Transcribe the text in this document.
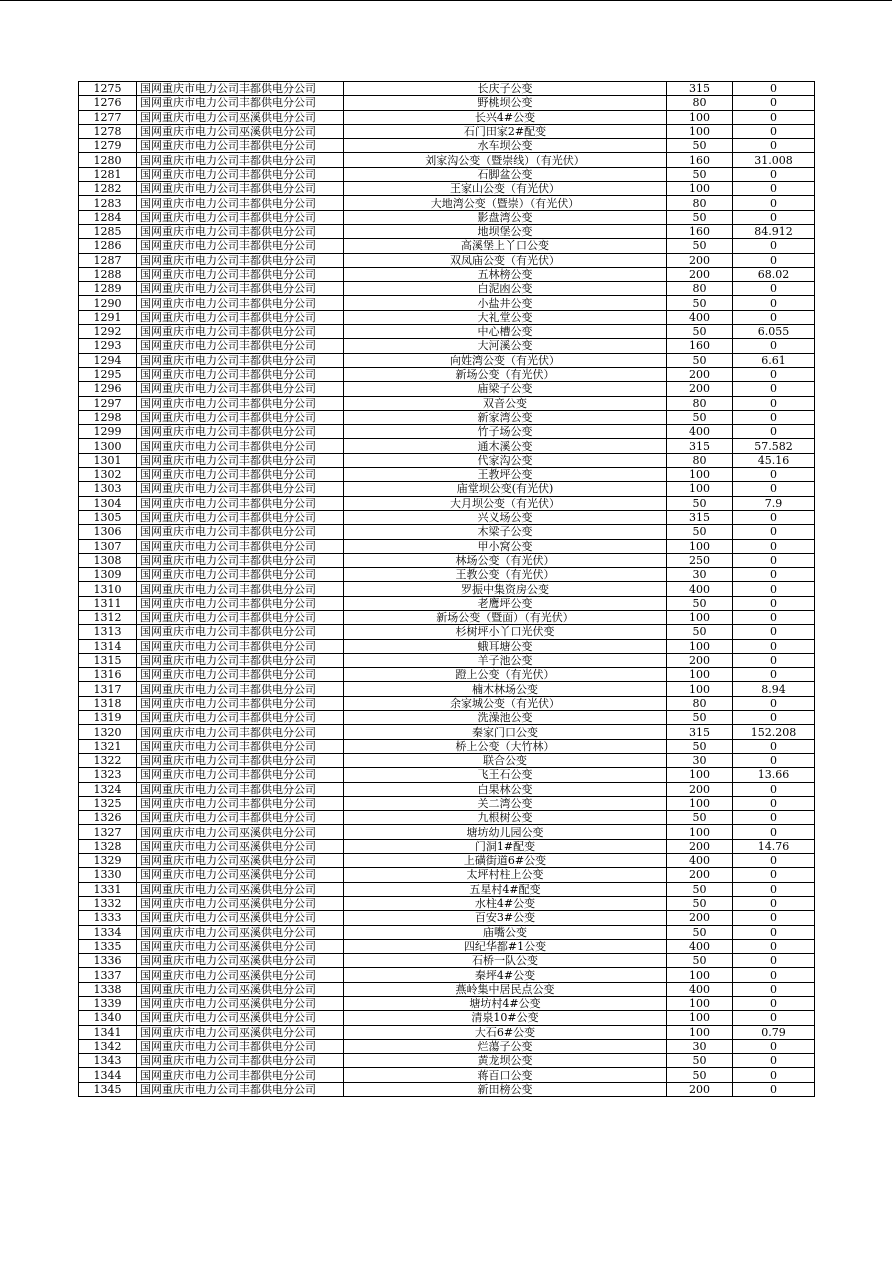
1275	国网重庆市电力公司丰都供电分公司	长庆子公变	315	0
1276	国网重庆市电力公司丰都供电分公司	野桃坝公变	80	0
1277	国网重庆市电力公司巫溪供电分公司	长兴4#公变	100	0
1278	国网重庆市电力公司巫溪供电分公司	石门田家2#配变	100	0
1279	国网重庆市电力公司丰都供电分公司	水车坝公变	50	0
1280	国网重庆市电力公司丰都供电分公司	刘家沟公变（暨崇线）（有光伏）	160	31.008
1281	国网重庆市电力公司丰都供电分公司	石脚盆公变	50	0
1282	国网重庆市电力公司丰都供电分公司	王家山公变（有光伏）	100	0
1283	国网重庆市电力公司丰都供电分公司	大地湾公变（暨崇）（有光伏）	80	0
1284	国网重庆市电力公司丰都供电分公司	影盘湾公变	50	0
1285	国网重庆市电力公司丰都供电分公司	地坝堡公变	160	84.912
1286	国网重庆市电力公司丰都供电分公司	高溪堡上丫口公变	50	0
1287	国网重庆市电力公司丰都供电分公司	双凤庙公变（有光伏）	200	0
1288	国网重庆市电力公司丰都供电分公司	五林榜公变	200	68.02
1289	国网重庆市电力公司丰都供电分公司	白泥凼公变	80	0
1290	国网重庆市电力公司丰都供电分公司	小盐井公变	50	0
1291	国网重庆市电力公司丰都供电分公司	大礼堂公变	400	0
1292	国网重庆市电力公司丰都供电分公司	中心槽公变	50	6.055
1293	国网重庆市电力公司丰都供电分公司	大河溪公变	160	0
1294	国网重庆市电力公司丰都供电分公司	向姓湾公变（有光伏）	50	6.61
1295	国网重庆市电力公司丰都供电分公司	新场公变（有光伏）	200	0
1296	国网重庆市电力公司丰都供电分公司	庙梁子公变	200	0
1297	国网重庆市电力公司丰都供电分公司	双音公变	80	0
1298	国网重庆市电力公司丰都供电分公司	新家湾公变	50	0
1299	国网重庆市电力公司丰都供电分公司	竹子场公变	400	0
1300	国网重庆市电力公司丰都供电分公司	通木溪公变	315	57.582
1301	国网重庆市电力公司丰都供电分公司	代家沟公变	80	45.16
1302	国网重庆市电力公司丰都供电分公司	王教坪公变	100	0
1303	国网重庆市电力公司丰都供电分公司	庙堂坝公变(有光伏)	100	0
1304	国网重庆市电力公司丰都供电分公司	大月坝公变（有光伏）	50	7.9
1305	国网重庆市电力公司丰都供电分公司	兴义场公变	315	0
1306	国网重庆市电力公司丰都供电分公司	木梁子公变	50	0
1307	国网重庆市电力公司丰都供电分公司	甲小窝公变	100	0
1308	国网重庆市电力公司丰都供电分公司	林场公变（有光伏）	250	0
1309	国网重庆市电力公司丰都供电分公司	王教公变（有光伏）	30	0
1310	国网重庆市电力公司丰都供电分公司	罗振中集资房公变	400	0
1311	国网重庆市电力公司丰都供电分公司	老鹰坪公变	50	0
1312	国网重庆市电力公司丰都供电分公司	新场公变（暨面）（有光伏）	100	0
1313	国网重庆市电力公司丰都供电分公司	杉树坪小丫口光伏变	50	0
1314	国网重庆市电力公司丰都供电分公司	蛾耳塘公变	100	0
1315	国网重庆市电力公司丰都供电分公司	羊子池公变	200	0
1316	国网重庆市电力公司丰都供电分公司	蹬上公变（有光伏）	100	0
1317	国网重庆市电力公司丰都供电分公司	楠木林场公变	100	8.94
1318	国网重庆市电力公司丰都供电分公司	余家城公变（有光伏）	80	0
1319	国网重庆市电力公司丰都供电分公司	洗澡池公变	50	0
1320	国网重庆市电力公司丰都供电分公司	秦家门口公变	315	152.208
1321	国网重庆市电力公司丰都供电分公司	桥上公变（大竹林）	50	0
1322	国网重庆市电力公司丰都供电分公司	联合公变	30	0
1323	国网重庆市电力公司丰都供电分公司	飞王石公变	100	13.66
1324	国网重庆市电力公司丰都供电分公司	白果林公变	200	0
1325	国网重庆市电力公司丰都供电分公司	关二湾公变	100	0
1326	国网重庆市电力公司丰都供电分公司	九根树公变	50	0
1327	国网重庆市电力公司巫溪供电分公司	塘坊幼儿园公变	100	0
1328	国网重庆市电力公司巫溪供电分公司	门洞1#配变	200	14.76
1329	国网重庆市电力公司巫溪供电分公司	上磺街道6#公变	400	0
1330	国网重庆市电力公司巫溪供电分公司	太坪村柱上公变	200	0
1331	国网重庆市电力公司巫溪供电分公司	五星村4#配变	50	0
1332	国网重庆市电力公司巫溪供电分公司	水柱4#公变	50	0
1333	国网重庆市电力公司巫溪供电分公司	百安3#公变	200	0
1334	国网重庆市电力公司巫溪供电分公司	庙嘴公变	50	0
1335	国网重庆市电力公司巫溪供电分公司	四纪华都#1公变	400	0
1336	国网重庆市电力公司巫溪供电分公司	石桥一队公变	50	0
1337	国网重庆市电力公司巫溪供电分公司	秦坪4#公变	100	0
1338	国网重庆市电力公司巫溪供电分公司	燕岭集中居民点公变	400	0
1339	国网重庆市电力公司巫溪供电分公司	塘坊村4#公变	100	0
1340	国网重庆市电力公司巫溪供电分公司	清泉10#公变	100	0
1341	国网重庆市电力公司巫溪供电分公司	大石6#公变	100	0.79
1342	国网重庆市电力公司丰都供电分公司	烂蕩子公变	30	0
1343	国网重庆市电力公司丰都供电分公司	黄龙坝公变	50	0
1344	国网重庆市电力公司丰都供电分公司	蒋百口公变	50	0
1345	国网重庆市电力公司丰都供电分公司	新田榜公变	200	0
